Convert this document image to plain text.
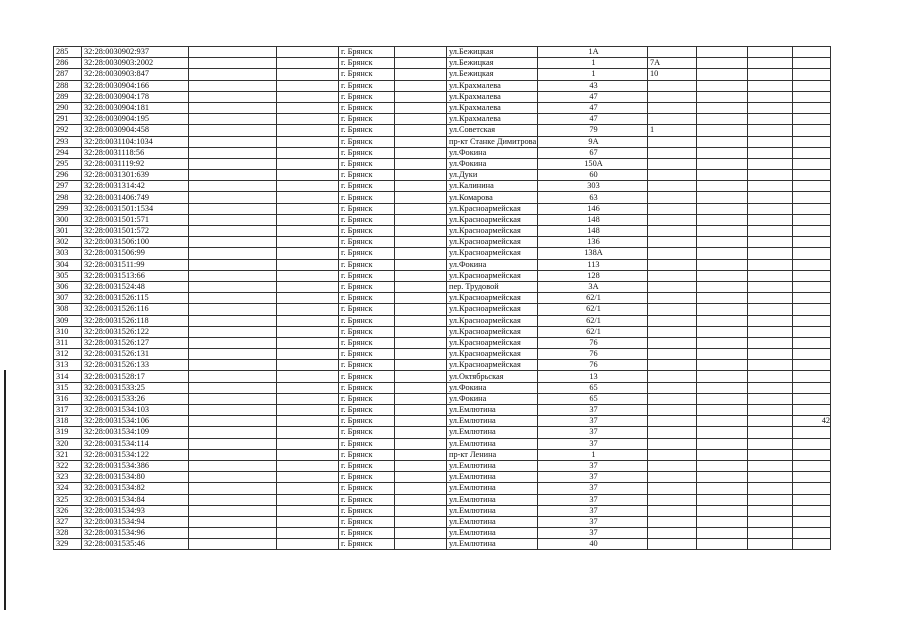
285	32:28:0030902:937			г. Брянск		ул.Бежицкая	1А				
286	32:28:0030903:2002			г. Брянск		ул.Бежицкая	1	7А			
287	32:28:0030903:847			г. Брянск		ул.Бежицкая	1	10			
288	32:28:0030904:166			г. Брянск		ул.Крахмалева	43				
289	32:28:0030904:178			г. Брянск		ул.Крахмалева	47				
290	32:28:0030904:181			г. Брянск		ул.Крахмалева	47				
291	32:28:0030904:195			г. Брянск		ул.Крахмалева	47				
292	32:28:0030904:458			г. Брянск		ул.Советская	79	1			
293	32:28:0031104:1034			г. Брянск		пр-кт Станке Димитрова	9А				
294	32:28:0031118:56			г. Брянск		ул.Фокина	67				
295	32:28:0031119:92			г. Брянск		ул.Фокина	150А				
296	32:28:0031301:639			г. Брянск		ул.Дуки	60				
297	32:28:0031314:42			г. Брянск		ул.Калинина	303				
298	32:28:0031406:749			г. Брянск		ул.Комарова	63				
299	32:28:0031501:1534			г. Брянск		ул.Красноармейская	146				
300	32:28:0031501:571			г. Брянск		ул.Красноармейская	148				
301	32:28:0031501:572			г. Брянск		ул.Красноармейская	148				
302	32:28:0031506:100			г. Брянск		ул.Красноармейская	136				
303	32:28:0031506:99			г. Брянск		ул.Красноармейская	138А				
304	32:28:0031511:99			г. Брянск		ул.Фокина	113				
305	32:28:0031513:66			г. Брянск		ул.Красноармейская	128				
306	32:28:0031524:48			г. Брянск		пер. Трудовой	3А				
307	32:28:0031526:115			г. Брянск		ул.Красноармейская	62/1				
308	32:28:0031526:116			г. Брянск		ул.Красноармейская	62/1				
309	32:28:0031526:118			г. Брянск		ул.Красноармейская	62/1				
310	32:28:0031526:122			г. Брянск		ул.Красноармейская	62/1				
311	32:28:0031526:127			г. Брянск		ул.Красноармейская	76				
312	32:28:0031526:131			г. Брянск		ул.Красноармейская	76				
313	32:28:0031526:133			г. Брянск		ул.Красноармейская	76				
314	32:28:0031528:17			г. Брянск		ул.Октябрьская	13				
315	32:28:0031533:25			г. Брянск		ул.Фокина	65				
316	32:28:0031533:26			г. Брянск		ул.Фокина	65				
317	32:28:0031534:103			г. Брянск		ул.Емлютина	37				
318	32:28:0031534:106			г. Брянск		ул.Емлютина	37				42
319	32:28:0031534:109			г. Брянск		ул.Емлютина	37				
320	32:28:0031534:114			г. Брянск		ул.Емлютина	37				
321	32:28:0031534:122			г. Брянск		пр-кт Ленина	1				
322	32:28:0031534:386			г. Брянск		ул.Емлютина	37				
323	32:28:0031534:80			г. Брянск		ул.Емлютина	37				
324	32:28:0031534:82			г. Брянск		ул.Емлютина	37				
325	32:28:0031534:84			г. Брянск		ул.Емлютина	37				
326	32:28:0031534:93			г. Брянск		ул.Емлютина	37				
327	32:28:0031534:94			г. Брянск		ул.Емлютина	37				
328	32:28:0031534:96			г. Брянск		ул.Емлютина	37				
329	32:28:0031535:46			г. Брянск		ул.Емлютина	40				
